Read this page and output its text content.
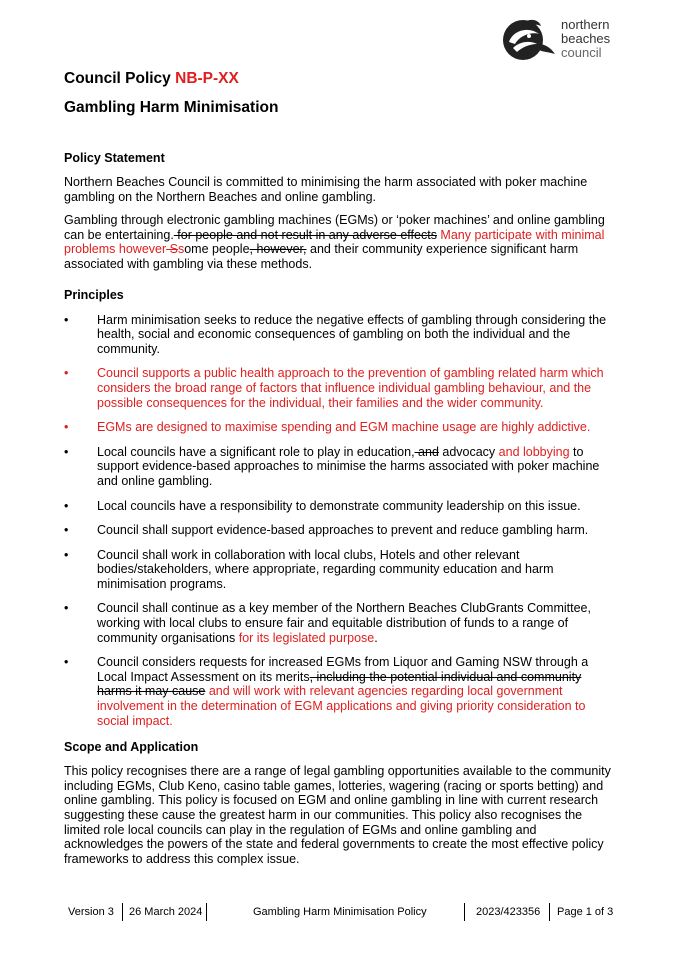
northern
beaches
council
Council Policy NB-P-XX
Gambling Harm Minimisation
Policy Statement

Northern Beaches Council is committed to minimising the harm associated with poker machine gambling on the Northern Beaches and online gambling.

Gambling through electronic gambling machines (EGMs) or ‘poker machines’ and online gambling can be entertaining. for people and not result in any adverse effects Many participate with minimal problems however Ssome people, however, and their community experience significant harm associated with gambling via these methods.

Principles
•	Harm minimisation seeks to reduce the negative effects of gambling through considering the health, social and economic consequences of gambling on both the individual and the community.
•	Council supports a public health approach to the prevention of gambling related harm which considers the broad range of factors that influence individual gambling behaviour, and the possible consequences for the individual, their families and the wider community.
•	EGMs are designed to maximise spending and EGM machine usage are highly addictive.
•	Local councils have a significant role to play in education, and advocacy and lobbying to support evidence-based approaches to minimise the harms associated with poker machine and online gambling.
•	Local councils have a responsibility to demonstrate community leadership on this issue.
•	Council shall support evidence-based approaches to prevent and reduce gambling harm.
•	Council shall work in collaboration with local clubs, Hotels and other relevant bodies/stakeholders, where appropriate, regarding community education and harm minimisation programs.
•	Council shall continue as a key member of the Northern Beaches ClubGrants Committee, working with local clubs to ensure fair and equitable distribution of funds to a range of community organisations for its legislated purpose.
•	Council considers requests for increased EGMs from Liquor and Gaming NSW through a Local Impact Assessment on its merits, including the potential individual and community harms it may cause and will work with relevant agencies regarding local government involvement in the determination of EGM applications and giving priority consideration to social impact.
Scope and Application

This policy recognises there are a range of legal gambling opportunities available to the community including EGMs, Club Keno, casino table games, lotteries, wagering (racing or sports betting) and online gambling. This policy is focused on EGM and online gambling in line with current research suggesting these cause the greatest harm in our communities. This policy also recognises the limited role local councils can play in the regulation of EGMs and online gambling and acknowledges the powers of the state and federal governments to create the most effective policy frameworks to address this complex issue.

Version 3 26 March 2024	Gambling Harm Minimisation Policy	2023/423356 Page 1 of 3
